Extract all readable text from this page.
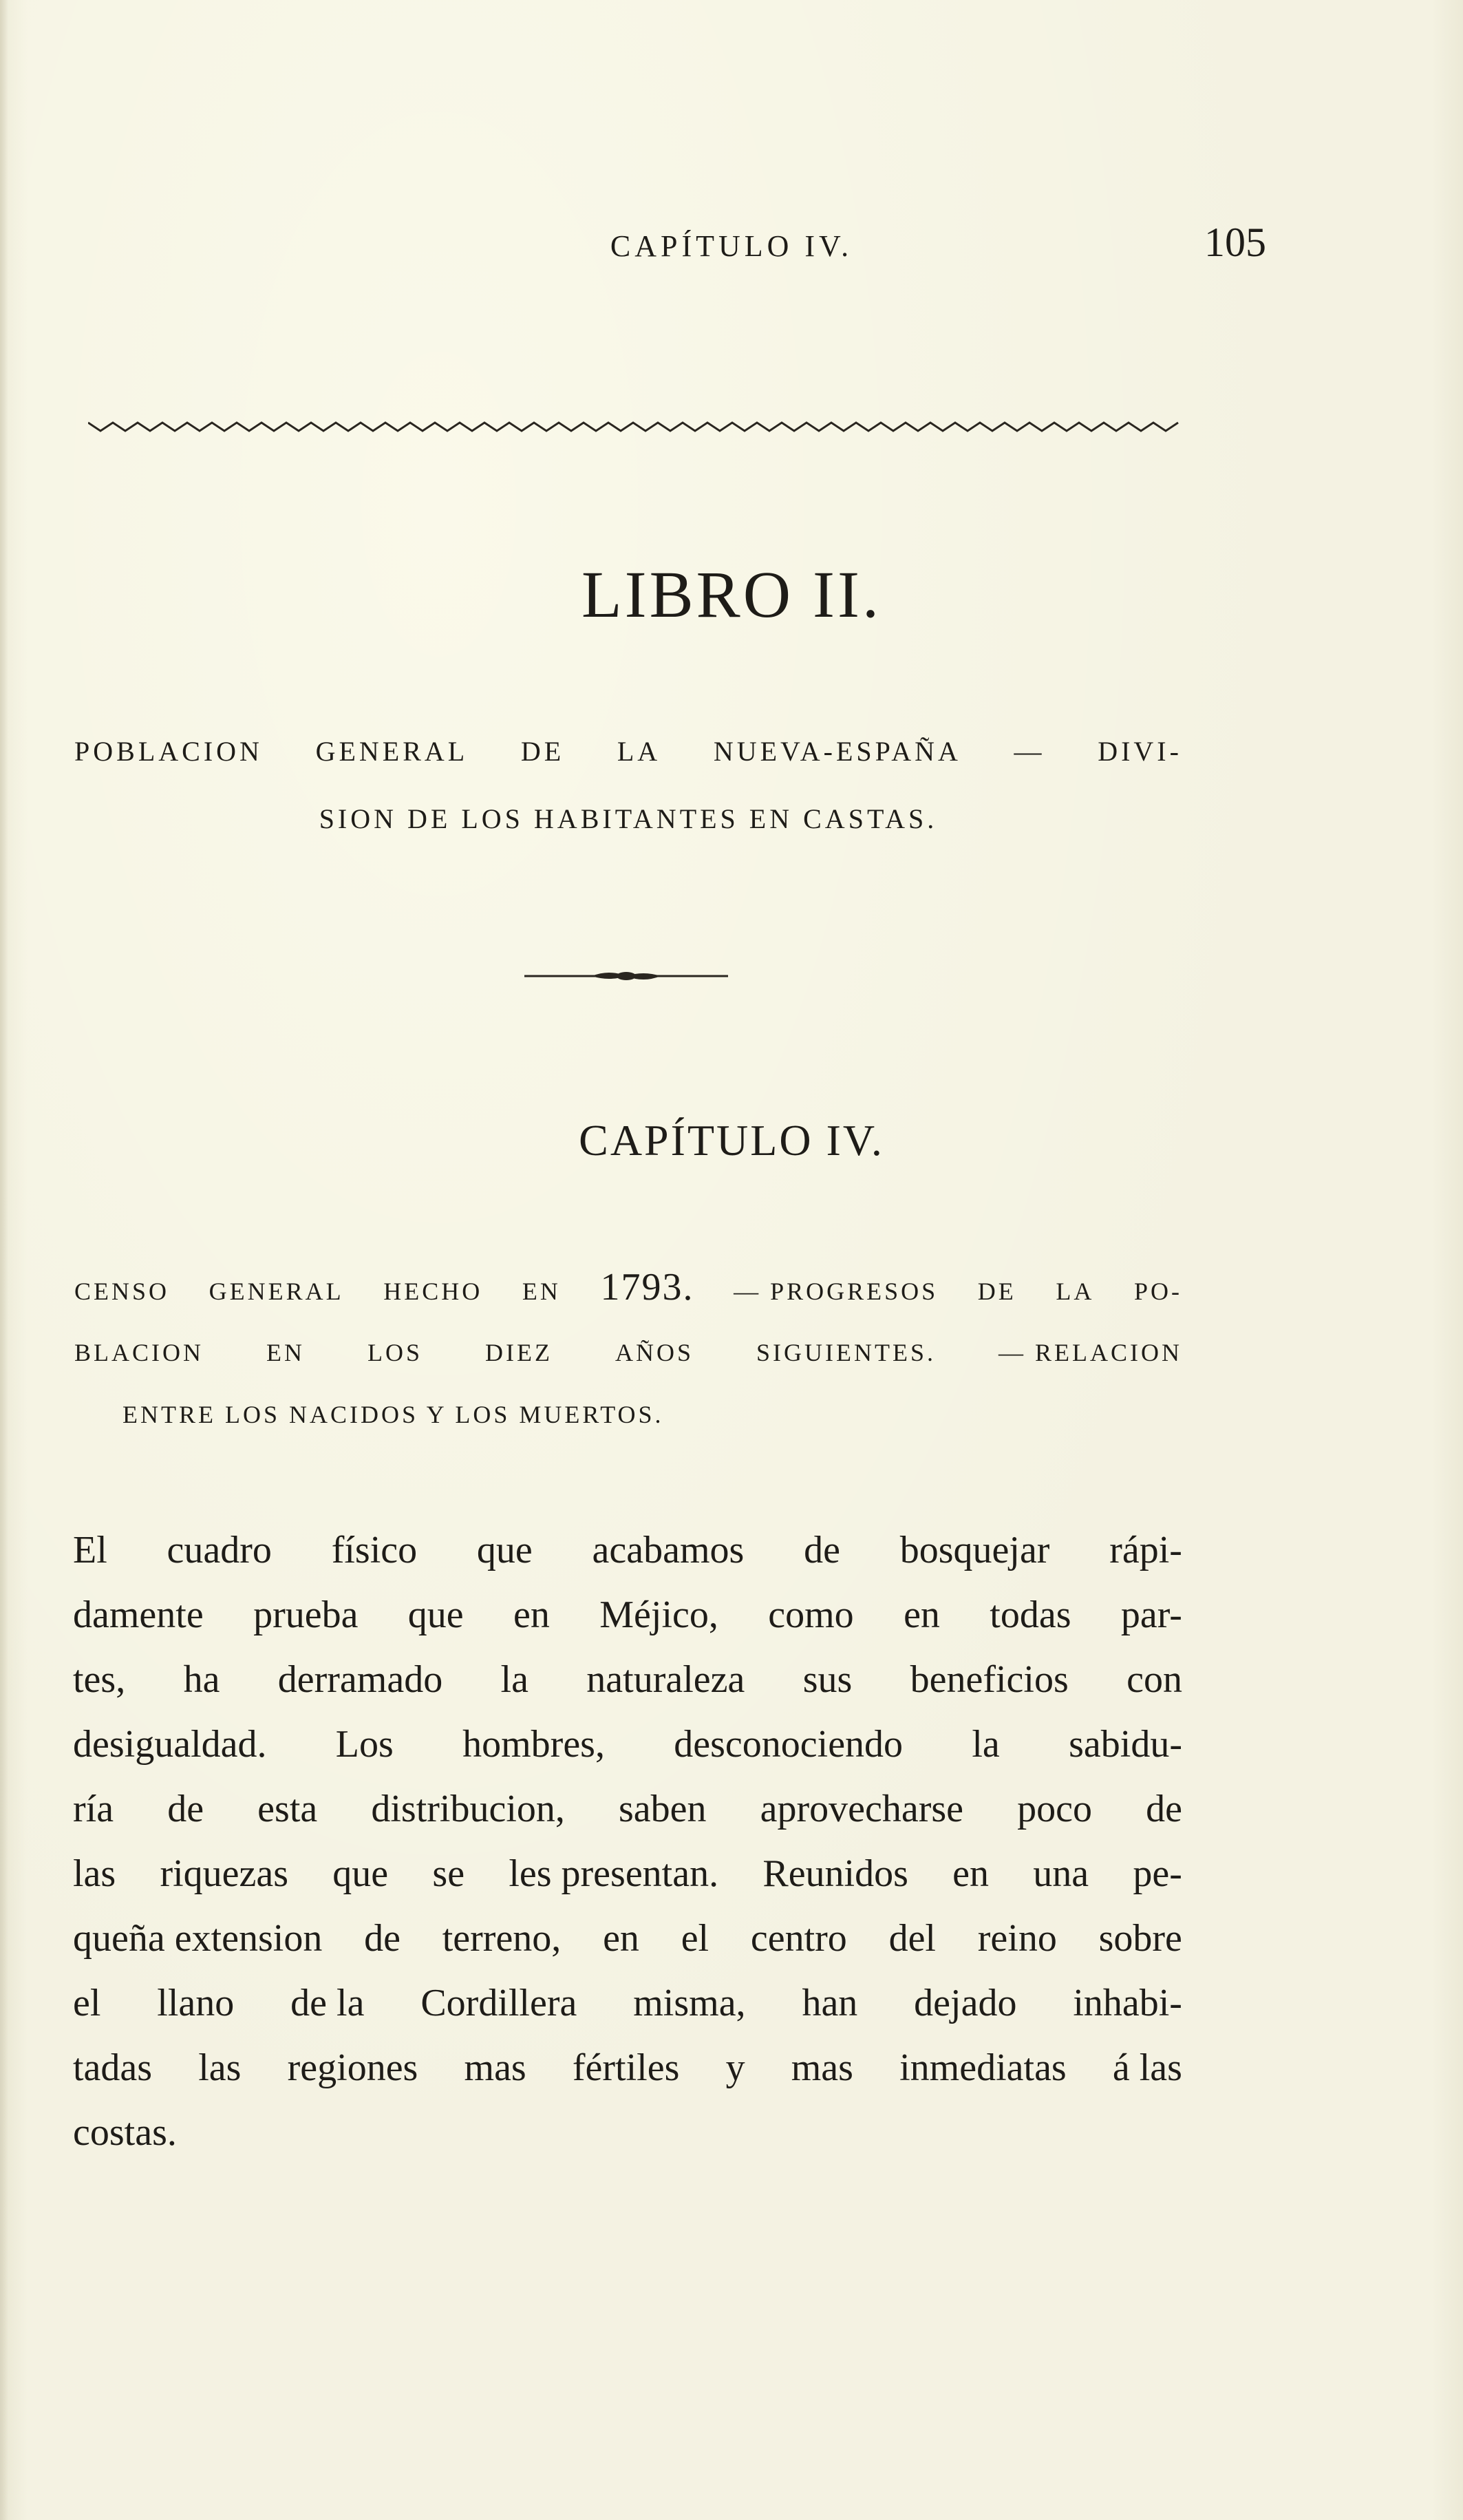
CAPÍTULO IV.	105
LIBRO II.
POBLACION GENERAL DE LA NUEVA-ESPAÑA — DIVI-
SION DE LOS HABITANTES EN CASTAS.
CAPÍTULO IV.
CENSO GENERAL HECHO EN 1793. — PROGRESOS DE LA PO-
BLACION	EN	LOS	DIEZ	AÑOS	SIGUIENTES.	— RELACION
ENTRE LOS NACIDOS Y LOS MUERTOS.
El cuadro físico que acabamos de bosquejar rápi-
damente prueba que en Méjico, como en todas par-
tes, ha derramado la naturaleza sus beneficios con
desigualdad. Los hombres, desconociendo la sabidu-
ría de esta distribucion, saben aprovecharse poco de
las riquezas que se les presentan. Reunidos en una pe-
queña extension de terreno, en el centro del reino sobre
el llano de la Cordillera misma, han dejado inhabi-
tadas las regiones mas fértiles y mas inmediatas á las
costas.
